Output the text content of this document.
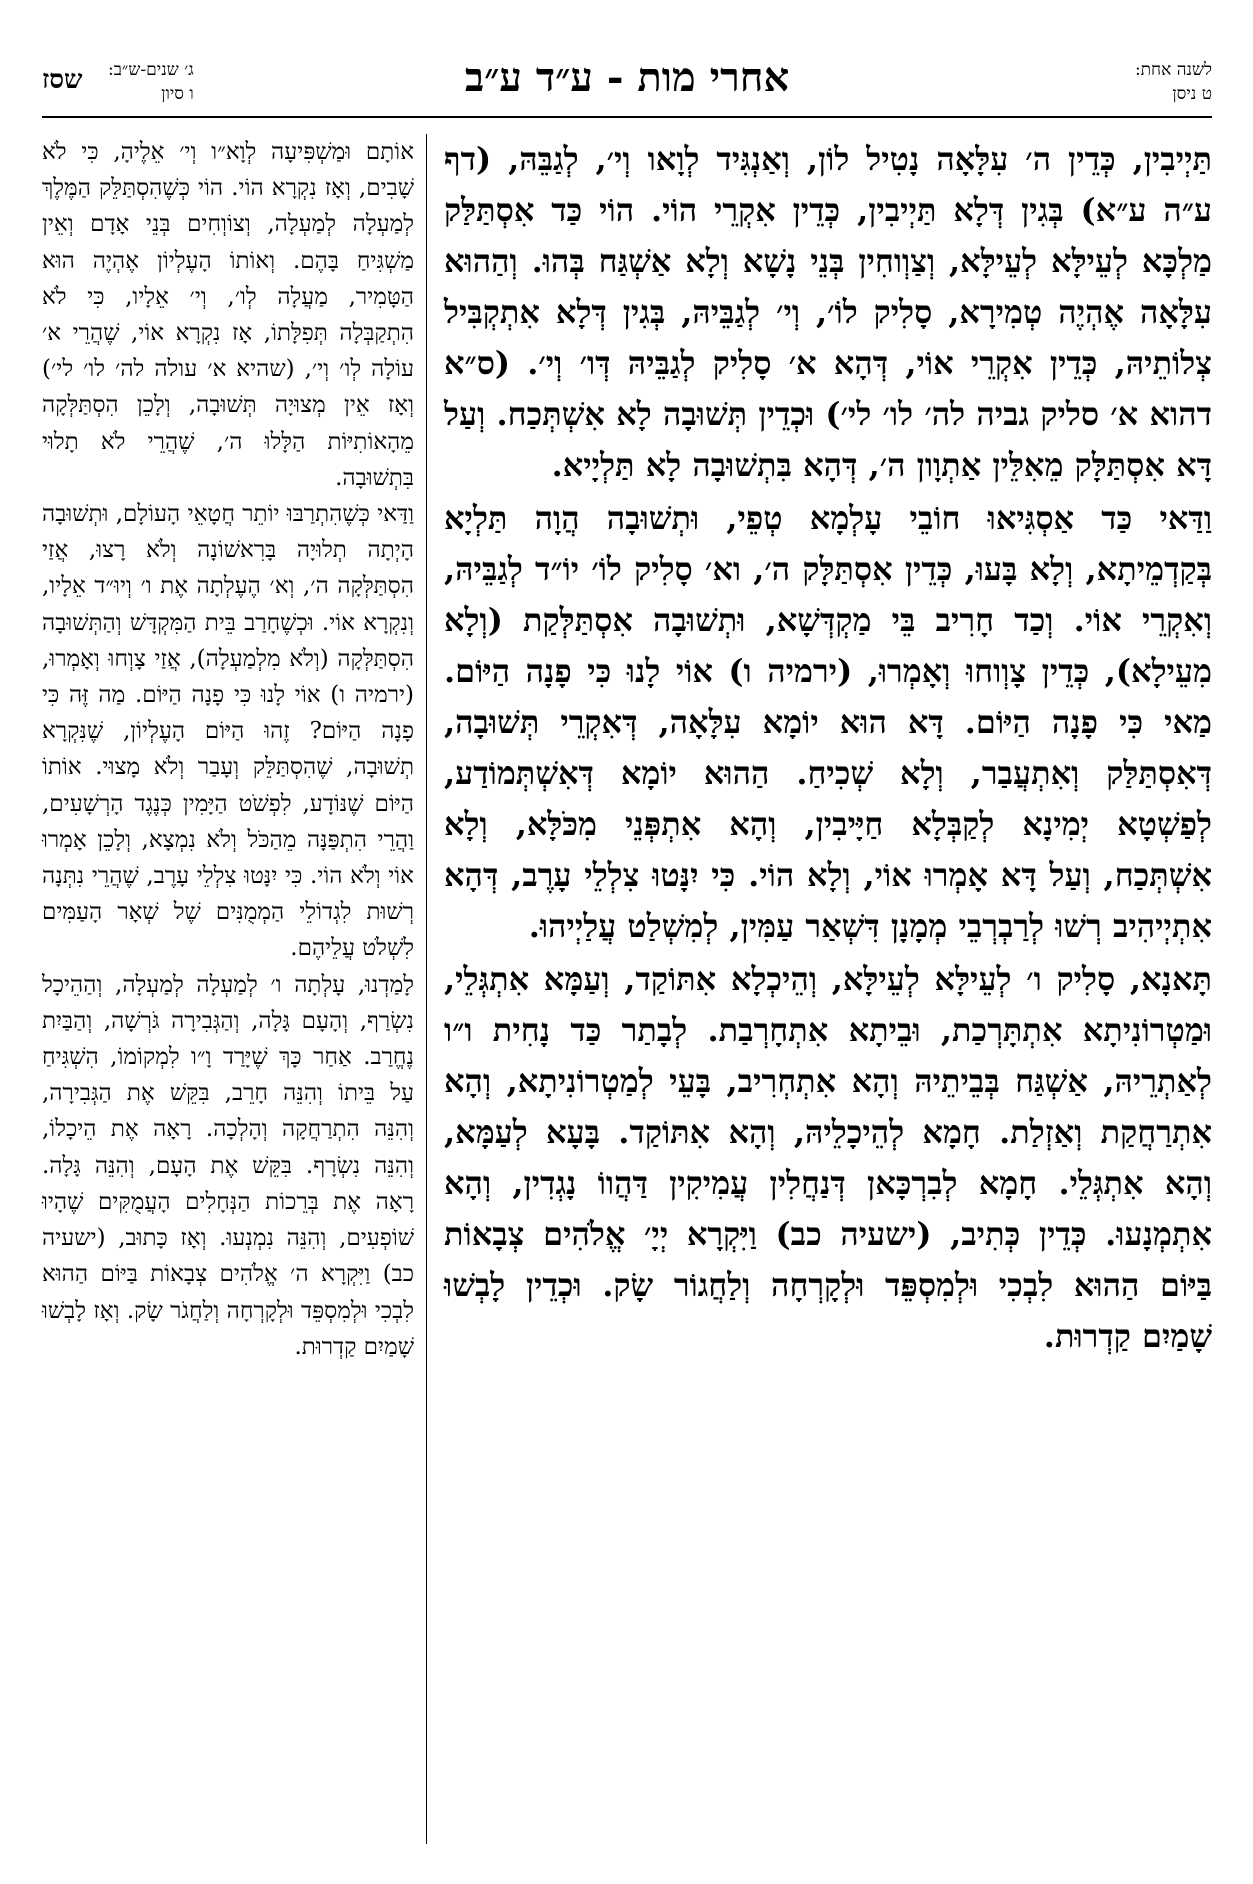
לשנה אחת:
ט ניסן
אחרי מות - ע״ד ע״ב
ג׳ שנים-ש״ב:
ו סיון
שסז

תַּיְיבִין, כְּדֵין ה׳ עִלָּאָה נָטִיל לוֹן, וְאַנְגִּיד לְוָאו וְי׳, לְגַבֵּהּ, (דף ע״ה ע״א) בְּגִין דְּלָא תַּיְיבִין, כְּדֵין אִקְרֵי הוֹי. הוֹי כַּד אִסְתַּלַּק מַלְכָּא לְעֵילָּא לְעֵילָּא, וְצַוְוחִין בְּנֵי נָשָׁא וְלָא אַשְׁגַּח בְּהוּ. וְהַהוּא עִלָּאָה אֶהְיֶה טְמִירָא, סָלִיק לוֹ׳, וְי׳ לְגַבֵּיהּ, בְּגִין דְּלָא אִתְקְבִּיל צְלוֹתֵיהּ, כְּדֵין אִקְרֵי אוֹי, דְּהָא א׳ סָלִיק לְגַבֵּיהּ דְּו׳ וְי׳. (ס״א דהוא א׳ סליק גביה לה׳ לו׳ לי׳) וּכְדֵין תְּשׁוּבָה לָא אִשְׁתְּכַח. וְעַל דָּא אִסְתַּלָּק מֵאִלֵּין אַתְוָון ה׳, דְּהָא בִּתְשׁוּבָה לָא תַּלְיָיא.

וַדַּאי כַּד אַסְגִּיאוּ חוֹבֵי עָלְמָא טְפֵי, וּתְשׁוּבָה הֲוָה תַּלְיָא בְּקַדְמֵיתָא, וְלָא בָּעוּ, כְּדֵין אִסְתַּלָּק ה׳, וא׳ סָלִיק לוֹ׳ יוֹ״ד לְגַבֵּיהּ, וְאִקְרֵי אוֹי. וְכַד חָרִיב בֵּי מַקְדְּשָׁא, וּתְשׁוּבָה אִסְתַּלְּקַת (וְלָא מִעֵילָא), כְּדֵין צָוְוחוּ וְאָמְרוּ, (ירמיה ו) אוֹי לָנוּ כִּי פָנָה הַיּוֹם. מַאי כִּי פָנָה הַיּוֹם. דָּא הוּא יוֹמָא עִלָּאָה, דְּאִקְרֵי תְּשׁוּבָה, דְּאִסְתַּלַּק וְאִתְעֲבַר, וְלָא שְׁכִיחַ. הַהוּא יוֹמָא דְּאִשְׁתְּמוֹדַע, לְפַשְׁטָא יְמִינָא לְקַבְּלָא חַיָּיבִין, וְהָא אִתְפְּנֵי מִכֹּלָּא, וְלָא אִשְׁתְּכַח, וְעַל דָּא אָמְרוּ אוֹי, וְלָא הוֹי. כִּי יִנָּטוּ צִלְלֵי עָרֶב, דְּהָא אִתְיְיהִיב רְשׁוּ לְרַבְרְבֵי מְמָנָן דִּשְׁאַר עַמִּין, לְמִשְׁלַט עֲלַיְיהוּ.

תָּאנָא, סָלִיק ו׳ לְעֵילָּא לְעֵילָּא, וְהֵיכְלָא אִתּוֹקַד, וְעַמָּא אִתְגְּלֵי, וּמַטְרוֹנִיתָא אִתְתָּרְכַת, וּבֵיתָא אִתְחָרְבַת. לְבָתַר כַּד נָחִית ו״ו לְאַתְרֵיהּ, אַשְׁגַּח בְּבֵיתֵיהּ וְהָא אִתְחְרִיב, בָּעֵי לְמַטְרוֹנִיתָא, וְהָא אִתְרַחֲקַת וְאַזְלַת. חָמָא לְהֵיכָלֵיהּ, וְהָא אִתּוֹקַד. בָּעָא לְעַמָּא, וְהָא אִתְגְּלֵי. חָמָא לְבִרְכָּאן דְּנַחֲלִין עֲמִיקִין דַּהֲווֹ נָגְדִין, וְהָא אִתְמְנָעוּ. כְּדֵין כְּתִיב, (ישעיה כב) וַיִּקְרָא יְיָ׳ אֱלֹהִים צְבָאוֹת בַּיּוֹם הַהוּא לִבְכִי וּלְמִסְפֵּד וּלְקָרְחָה וְלַחֲגוֹר שָׂק. וּכְדֵין לָבְשׁוּ שָׁמַיִם קַדְרוּת.

אוֹתָם וּמַשְׁפִּיעָה לְוָא״ו וְי׳ אֵלֶיהָ, כִּי לֹא שָׁבִים, וְאָז נִקְרָא הוֹי. הוֹי כְּשֶׁהִסְתַּלֵּק הַמֶּלֶךְ לְמַעְלָה לְמַעְלָה, וְצוֹוְחִים בְּנֵי אָדָם וְאֵין מַשְׁגִּיחַ בָּהֶם. וְאוֹתוֹ הָעֶלְיוֹן אֶהְיֶה הוּא הַטָּמִיר, מַעֲלָה לְו׳, וְי׳ אֵלָיו, כִּי לֹא הִתְקַבְּלָה תְּפִלָּתוֹ, אָז נִקְרָא אוֹי, שֶׁהֲרֵי א׳ עוֹלָה לְו׳ וְי׳, (שהיא א׳ עולה לה׳ לו׳ לי׳) וְאָז אֵין מְצוּיָה תְּשׁוּבָה, וְלָכֵן הִסְתַּלְּקָה מֵהָאוֹתִיּוֹת הַלָּלוּ ה׳, שֶׁהֲרֵי לֹא תָלוּי בִּתְשׁוּבָה.

וַדַּאי כְּשֶׁהִתְרַבּוּ יוֹתֵר חֲטָאֵי הָעוֹלָם, וּתְשׁוּבָה הָיְתָה תְלוּיָה בָּרִאשׁוֹנָה וְלֹא רָצוּ, אֲזַי הִסְתַּלְּקָה ה׳, וְא׳ הֶעֶלְתָה אֶת ו׳ וְיוּ״ד אֵלָיו, וְנִקְרָא אוֹי. וּכְשֶׁחָרַב בֵּית הַמִּקְדָּשׁ וְהַתְּשׁוּבָה הִסְתַּלְּקָה (וְלֹא מִלְמַעְלָה), אֲזַי צָוְחוּ וְאָמְרוּ, (ירמיה ו) אוֹי לָנוּ כִּי פָנָה הַיּוֹם. מַה זֶּה כִּי פָנָה הַיּוֹם? זֶהוּ הַיּוֹם הָעֶלְיוֹן, שֶׁנִּקְרָא תְשׁוּבָה, שֶׁהִסְתַּלֵּק וְעָבַר וְלֹא מָצוּי. אוֹתוֹ הַיּוֹם שֶׁנּוֹדָע, לִפְשֹׁט הַיָּמִין כְּנֶגֶד הָרְשָׁעִים, וַהֲרֵי הִתְפַּנָּה מֵהַכֹּל וְלֹא נִמְצָא, וְלָכֵן אָמְרוּ אוֹי וְלֹא הוֹי. כִּי יִנָּטוּ צִלְלֵי עָרֶב, שֶׁהֲרֵי נִתְּנָה רְשׁוּת לִגְדוֹלֵי הַמְמֻנִּים שֶׁל שְׁאָר הָעַמִּים לִשְׁלֹט עֲלֵיהֶם.

לָמַדְנוּ, עָלְתָה ו׳ לְמַעְלָה לְמַעְלָה, וְהַהֵיכָל נִשְׂרַף, וְהָעָם גָּלָה, וְהַגְּבִירָה גֹּרְשָׁה, וְהַבַּיִת נֶחֱרַב. אַחַר כָּךְ שֶׁיָּרַד וָ״ו לִמְקוֹמוֹ, הִשְׁגִּיחַ עַל בֵּיתוֹ וְהִנֵּה חָרֵב, בִּקֵּשׁ אֶת הַגְּבִירָה, וְהִנֵּה הִתְרַחֲקָה וְהָלְכָה. רָאָה אֶת הֵיכָלוֹ, וְהִנֵּה נִשְׂרָף. בִּקֵּשׁ אֶת הָעָם, וְהִנֵּה גָּלָה. רָאָה אֶת בְּרֵכוֹת הַנְּחָלִים הָעֲמֻקִּים שֶׁהָיוּ שׁוֹפְעִים, וְהִנֵּה נִמְנְעוּ. וְאָז כָּתוּב, (ישעיה כב) וַיִּקְרָא ה׳ אֱלֹהִים צְבָאוֹת בַּיּוֹם הַהוּא לִבְכִי וּלְמִסְפֵּד וּלְקָרְחָה וְלַחֲגֹר שָׂק. וְאָז לָבְשׁוּ שָׁמַיִם קַדְרוּת.
